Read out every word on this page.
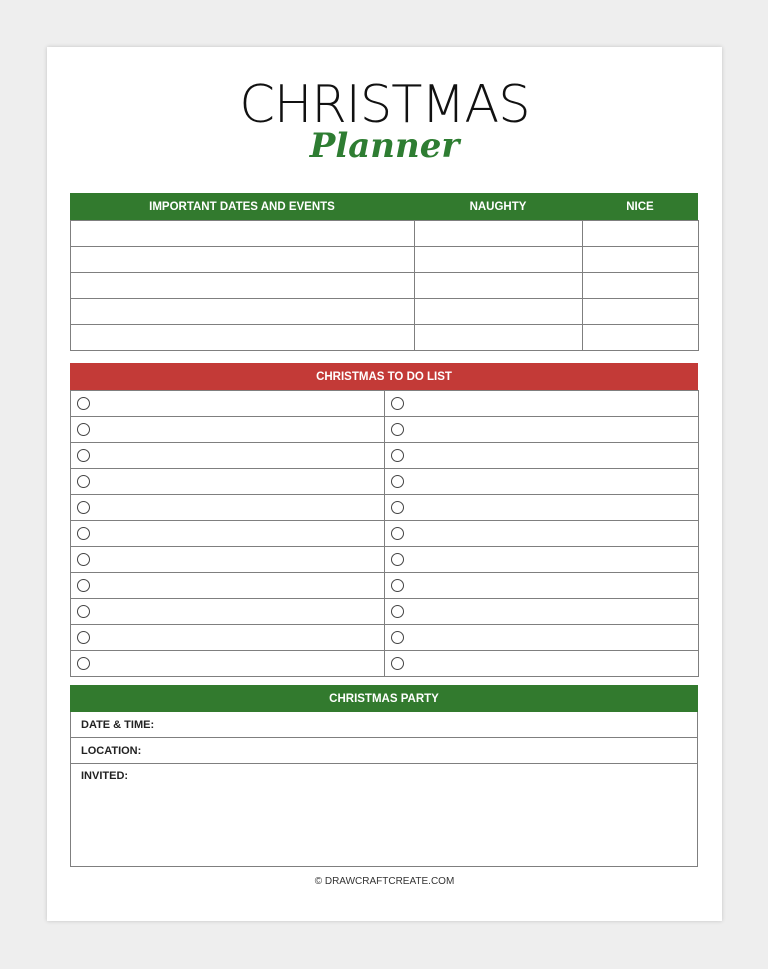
CHRISTMAS
Planner
IMPORTANT DATES AND EVENTS	NAUGHTY	NICE

CHRISTMAS TO DO LIST

CHRISTMAS PARTY
DATE & TIME:
LOCATION:
INVITED:
© DRAWCRAFTCREATE.COM
